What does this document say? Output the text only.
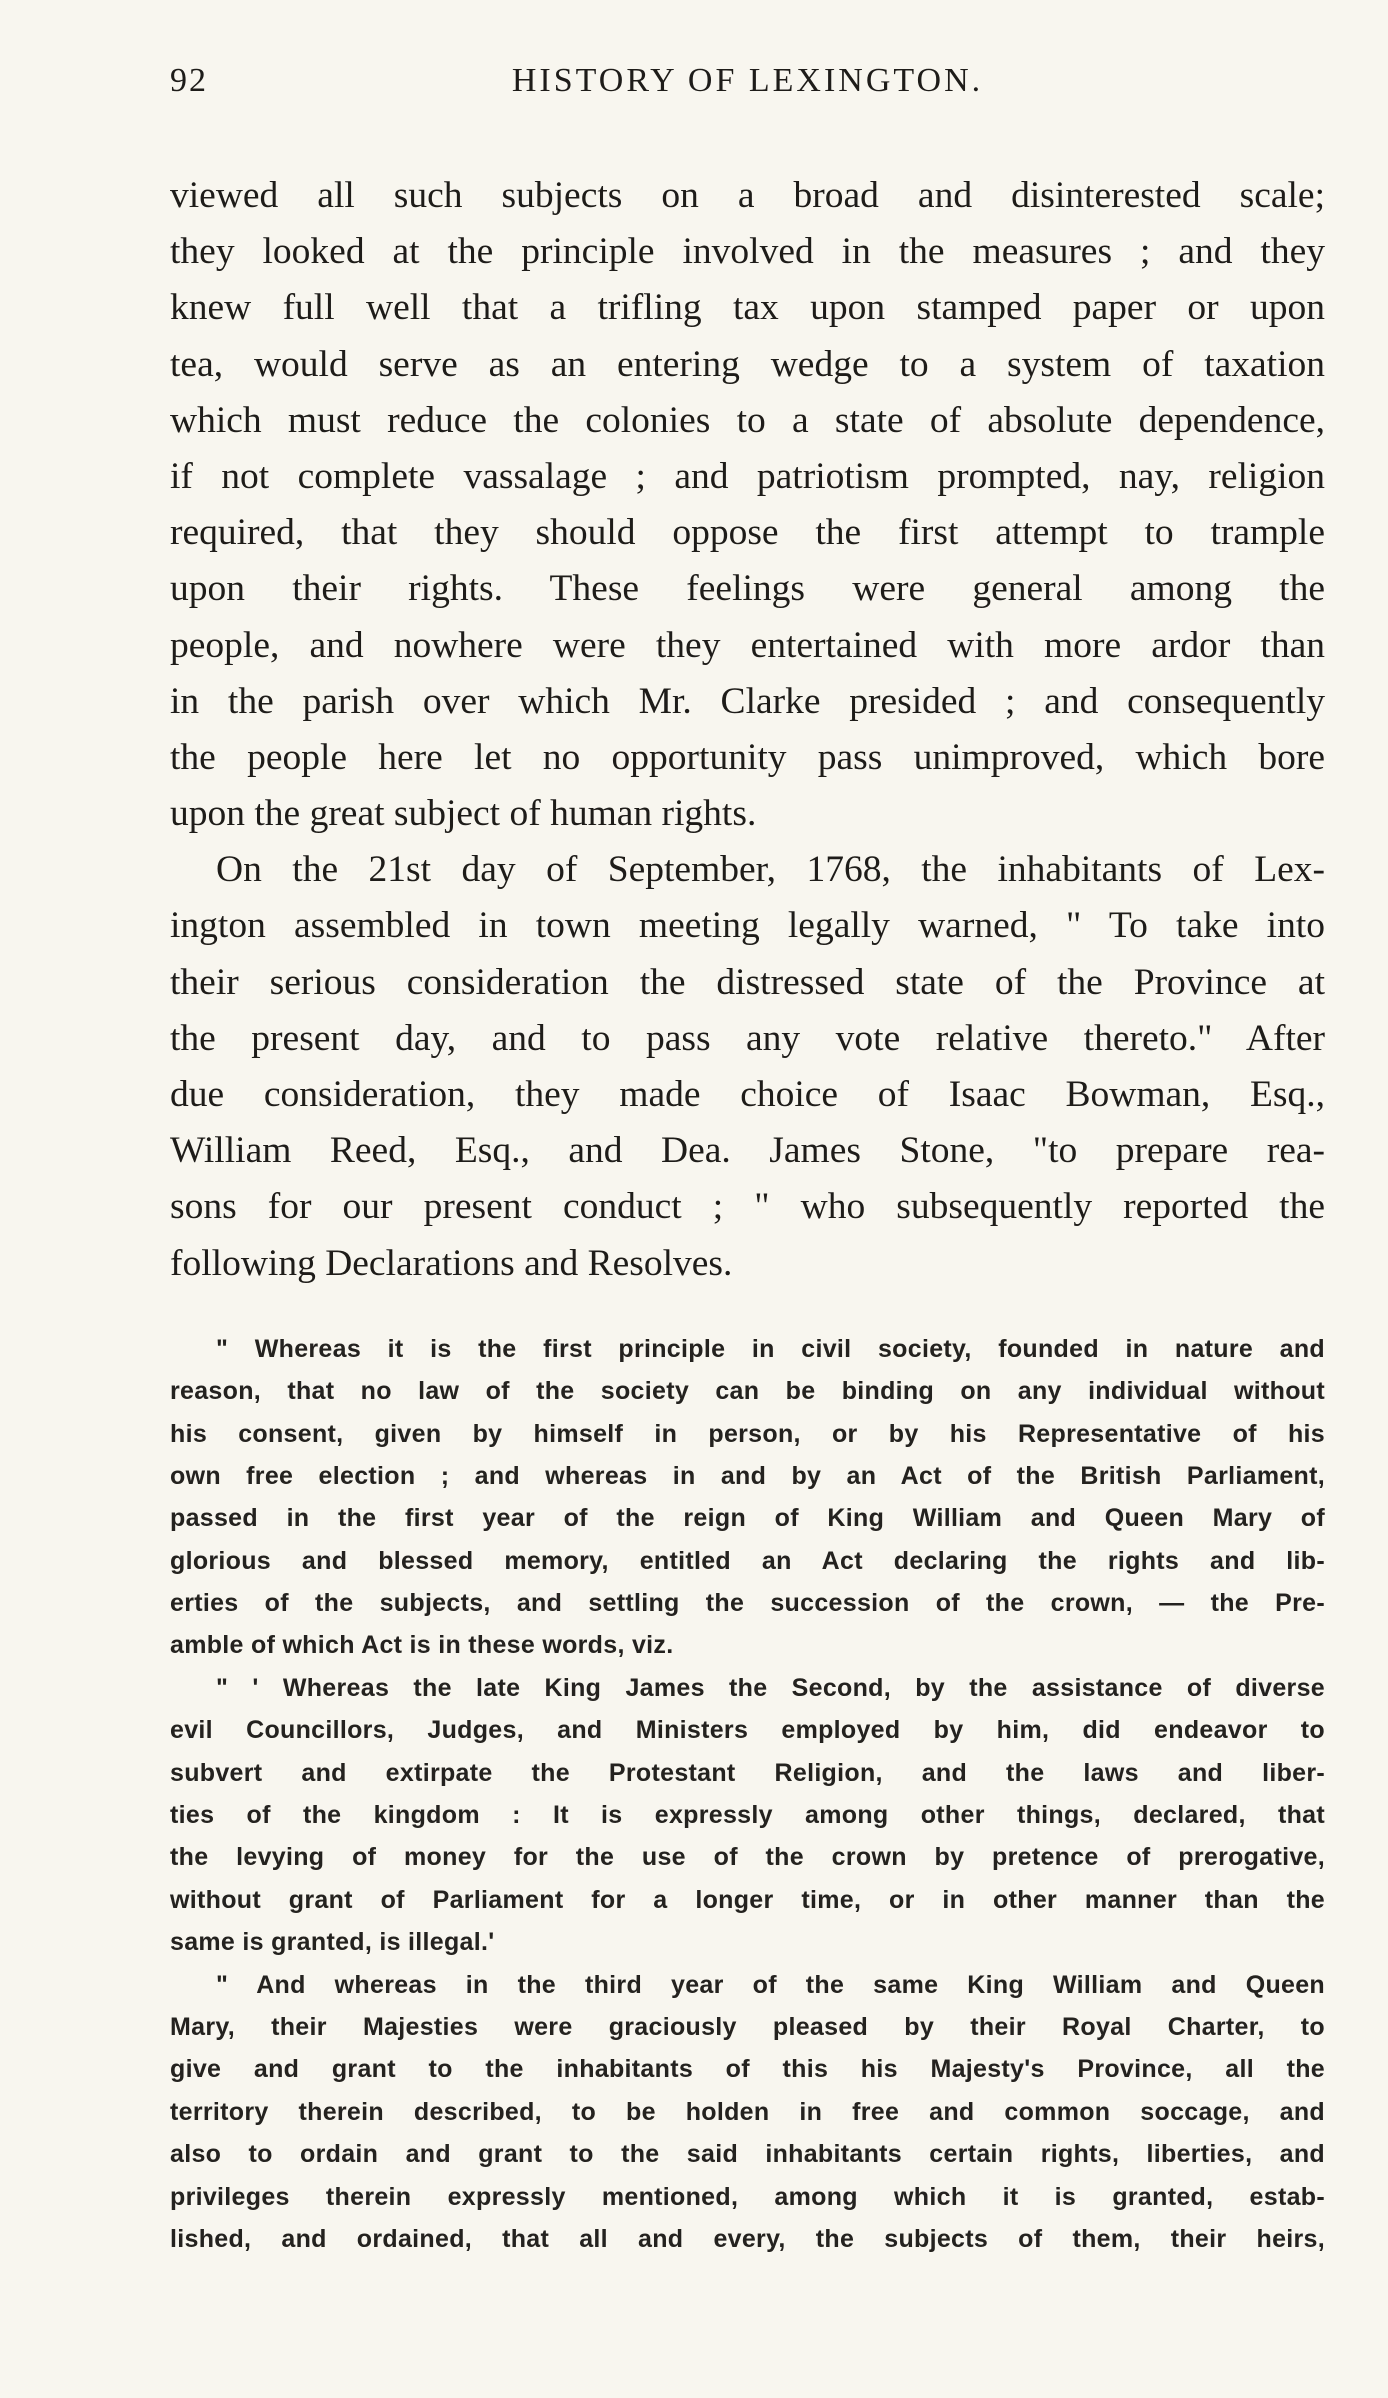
92	HISTORY OF LEXINGTON.
viewed all such subjects on a broad and disinterested scale;
they looked at the principle involved in the measures ; and they
knew full well that a trifling tax upon stamped paper or upon
tea, would serve as an entering wedge to a system of taxation
which must reduce the colonies to a state of absolute dependence,
if not complete vassalage ; and patriotism prompted, nay, religion
required, that they should oppose the first attempt to trample
upon their rights. These feelings were general among the
people, and nowhere were they entertained with more ardor than
in the parish over which Mr. Clarke presided ; and consequently
the people here let no opportunity pass unimproved, which bore
upon the great subject of human rights.
On the 21st day of September, 1768, the inhabitants of Lex-
ington assembled in town meeting legally warned, " To take into
their serious consideration the distressed state of the Province at
the present day, and to pass any vote relative thereto." After
due consideration, they made choice of Isaac Bowman, Esq.,
William Reed, Esq., and Dea. James Stone, "to prepare rea-
sons for our present conduct ; " who subsequently reported the
following Declarations and Resolves.
" Whereas it is the first principle in civil society, founded in nature and
reason, that no law of the society can be binding on any individual without
his consent, given by himself in person, or by his Representative of his
own free election ; and whereas in and by an Act of the British Parliament,
passed in the first year of the reign of King William and Queen Mary of
glorious and blessed memory, entitled an Act declaring the rights and lib-
erties of the subjects, and settling the succession of the crown, — the Pre-
amble of which Act is in these words, viz.
" ' Whereas the late King James the Second, by the assistance of diverse
evil Councillors, Judges, and Ministers employed by him, did endeavor to
subvert and extirpate the Protestant Religion, and the laws and liber-
ties of the kingdom : It is expressly among other things, declared, that
the levying of money for the use of the crown by pretence of prerogative,
without grant of Parliament for a longer time, or in other manner than the
same is granted, is illegal.'
" And whereas in the third year of the same King William and Queen
Mary, their Majesties were graciously pleased by their Royal Charter, to
give and grant to the inhabitants of this his Majesty's Province, all the
territory therein described, to be holden in free and common soccage, and
also to ordain and grant to the said inhabitants certain rights, liberties, and
privileges therein expressly mentioned, among which it is granted, estab-
lished, and ordained, that all and every, the subjects of them, their heirs,
